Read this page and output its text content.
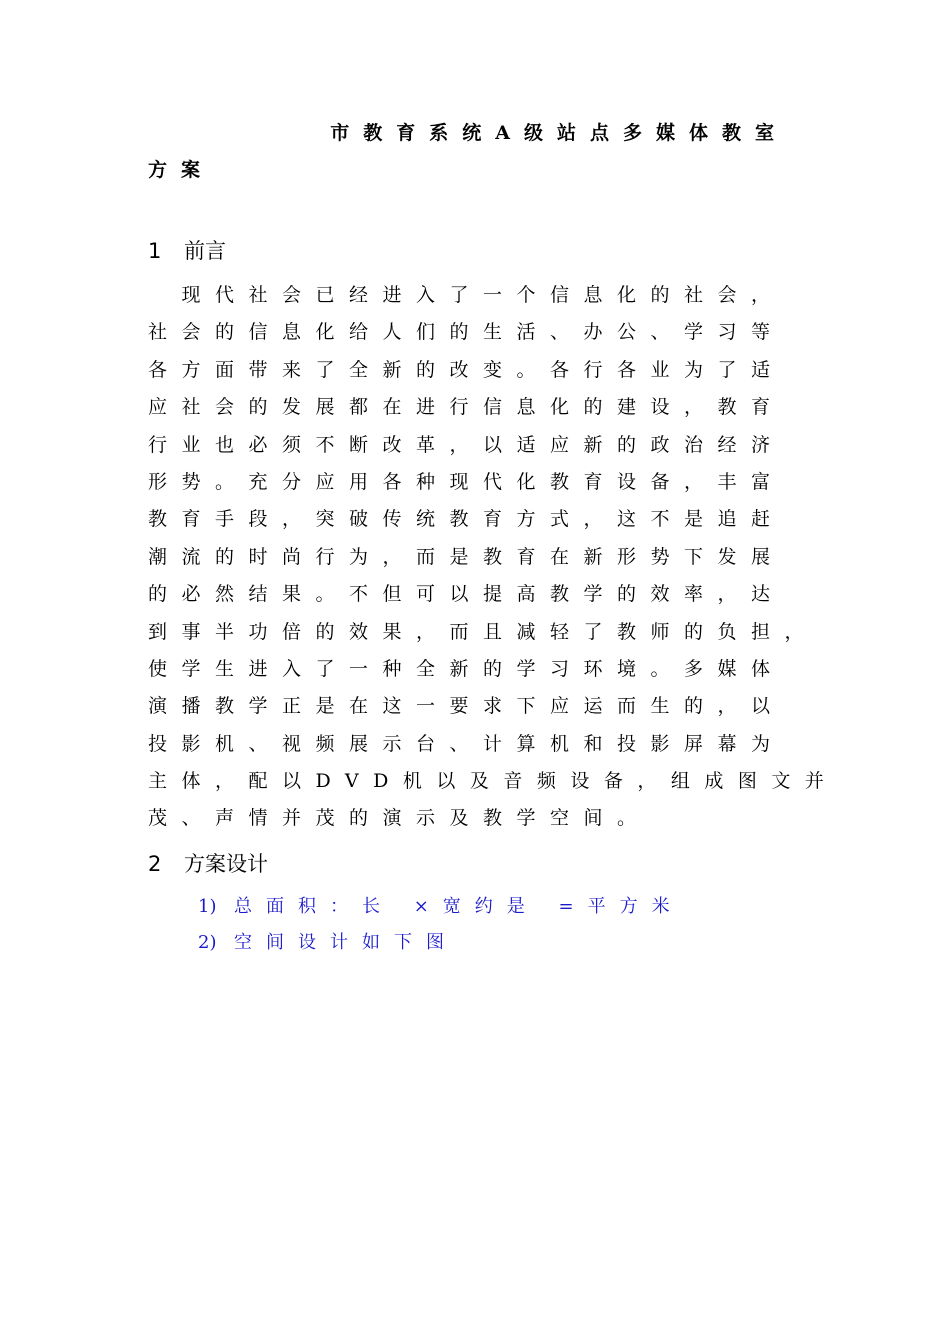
市教育系统A级站点多媒体教室
方案
1 前言
　现代社会已经进入了一个信息化的社会，
社会的信息化给人们的生活、办公、学习等
各方面带来了全新的改变。各行各业为了适
应社会的发展都在进行信息化的建设，教育
行业也必须不断改革，以适应新的政治经济
形势。充分应用各种现代化教育设备，丰富
教育手段，突破传统教育方式，这不是追赶
潮流的时尚行为，而是教育在新形势下发展
的必然结果。不但可以提高教学的效率，达
到事半功倍的效果，而且减轻了教师的负担，
使学生进入了一种全新的学习环境。多媒体
演播教学正是在这一要求下应运而生的，以
投影机、视频展示台、计算机和投影屏幕为
主体，配以DVD机以及音频设备，组成图文并
茂、声情并茂的演示及教学空间。
2 方案设计
1) 总面积：长 ×宽约是 =平方米
2) 空间设计如下图
